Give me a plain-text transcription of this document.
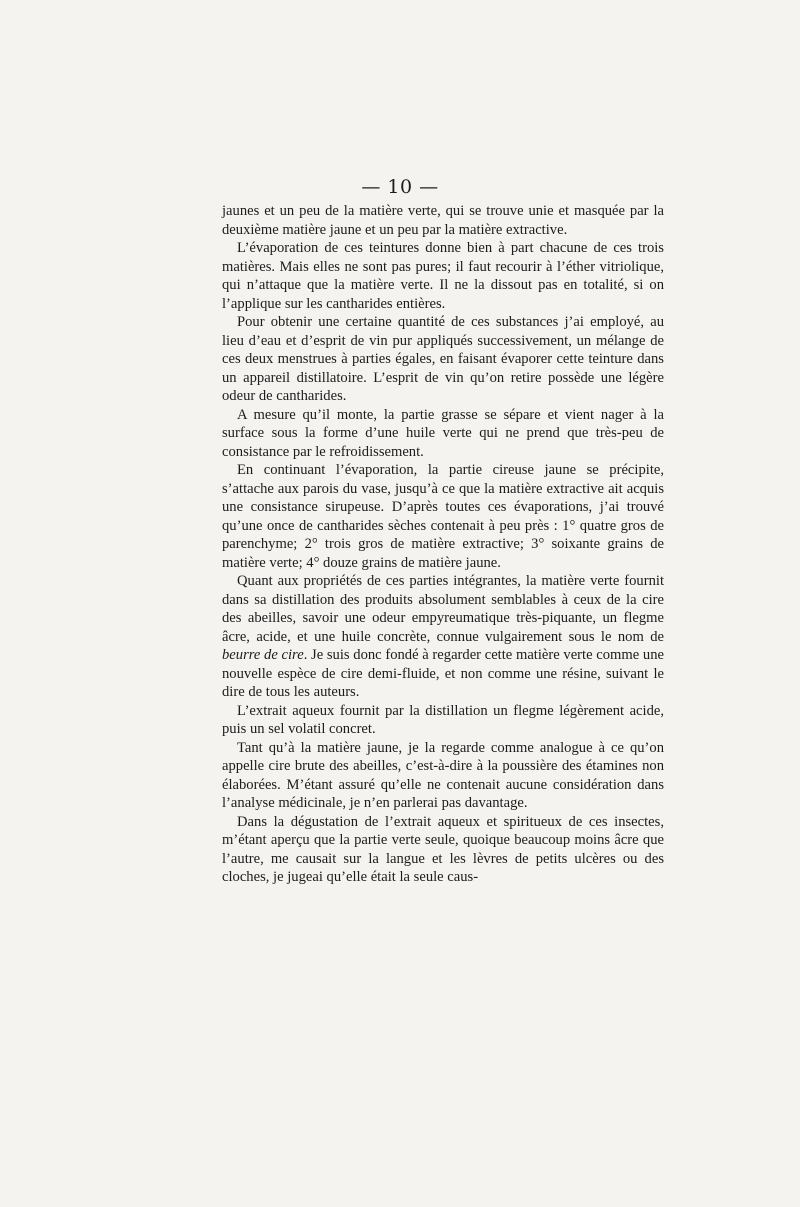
— 10 —

jaunes et un peu de la matière verte, qui se trouve unie et masquée par la deuxième matière jaune et un peu par la matière extractive.

L’évaporation de ces teintures donne bien à part chacune de ces trois matières. Mais elles ne sont pas pures; il faut recourir à l’éther vitriolique, qui n’attaque que la matière verte. Il ne la dissout pas en totalité, si on l’applique sur les cantharides entières.

Pour obtenir une certaine quantité de ces substances j’ai employé, au lieu d’eau et d’esprit de vin pur appliqués successivement, un mélange de ces deux menstrues à parties égales, en faisant évaporer cette teinture dans un appareil distillatoire. L’esprit de vin qu’on retire possède une légère odeur de cantharides.

A mesure qu’il monte, la partie grasse se sépare et vient nager à la surface sous la forme d’une huile verte qui ne prend que très-peu de consistance par le refroidissement.

En continuant l’évaporation, la partie cireuse jaune se précipite, s’attache aux parois du vase, jusqu’à ce que la matière extractive ait acquis une consistance sirupeuse. D’après toutes ces évaporations, j’ai trouvé qu’une once de cantharides sèches contenait à peu près : 1° quatre gros de parenchyme; 2° trois gros de matière extractive; 3° soixante grains de matière verte; 4° douze grains de matière jaune.

Quant aux propriétés de ces parties intégrantes, la matière verte fournit dans sa distillation des produits absolument semblables à ceux de la cire des abeilles, savoir une odeur empyreumatique très-piquante, un flegme âcre, acide, et une huile concrète, connue vulgairement sous le nom de beurre de cire. Je suis donc fondé à regarder cette matière verte comme une nouvelle espèce de cire demi-fluide, et non comme une résine, suivant le dire de tous les auteurs.

L’extrait aqueux fournit par la distillation un flegme légèrement acide, puis un sel volatil concret.

Tant qu’à la matière jaune, je la regarde comme analogue à ce qu’on appelle cire brute des abeilles, c’est-à-dire à la poussière des étamines non élaborées. M’étant assuré qu’elle ne contenait aucune considération dans l’analyse médicinale, je n’en parlerai pas davantage.

Dans la dégustation de l’extrait aqueux et spiritueux de ces insectes, m’étant aperçu que la partie verte seule, quoique beaucoup moins âcre que l’autre, me causait sur la langue et les lèvres de petits ulcères ou des cloches, je jugeai qu’elle était la seule caus-
